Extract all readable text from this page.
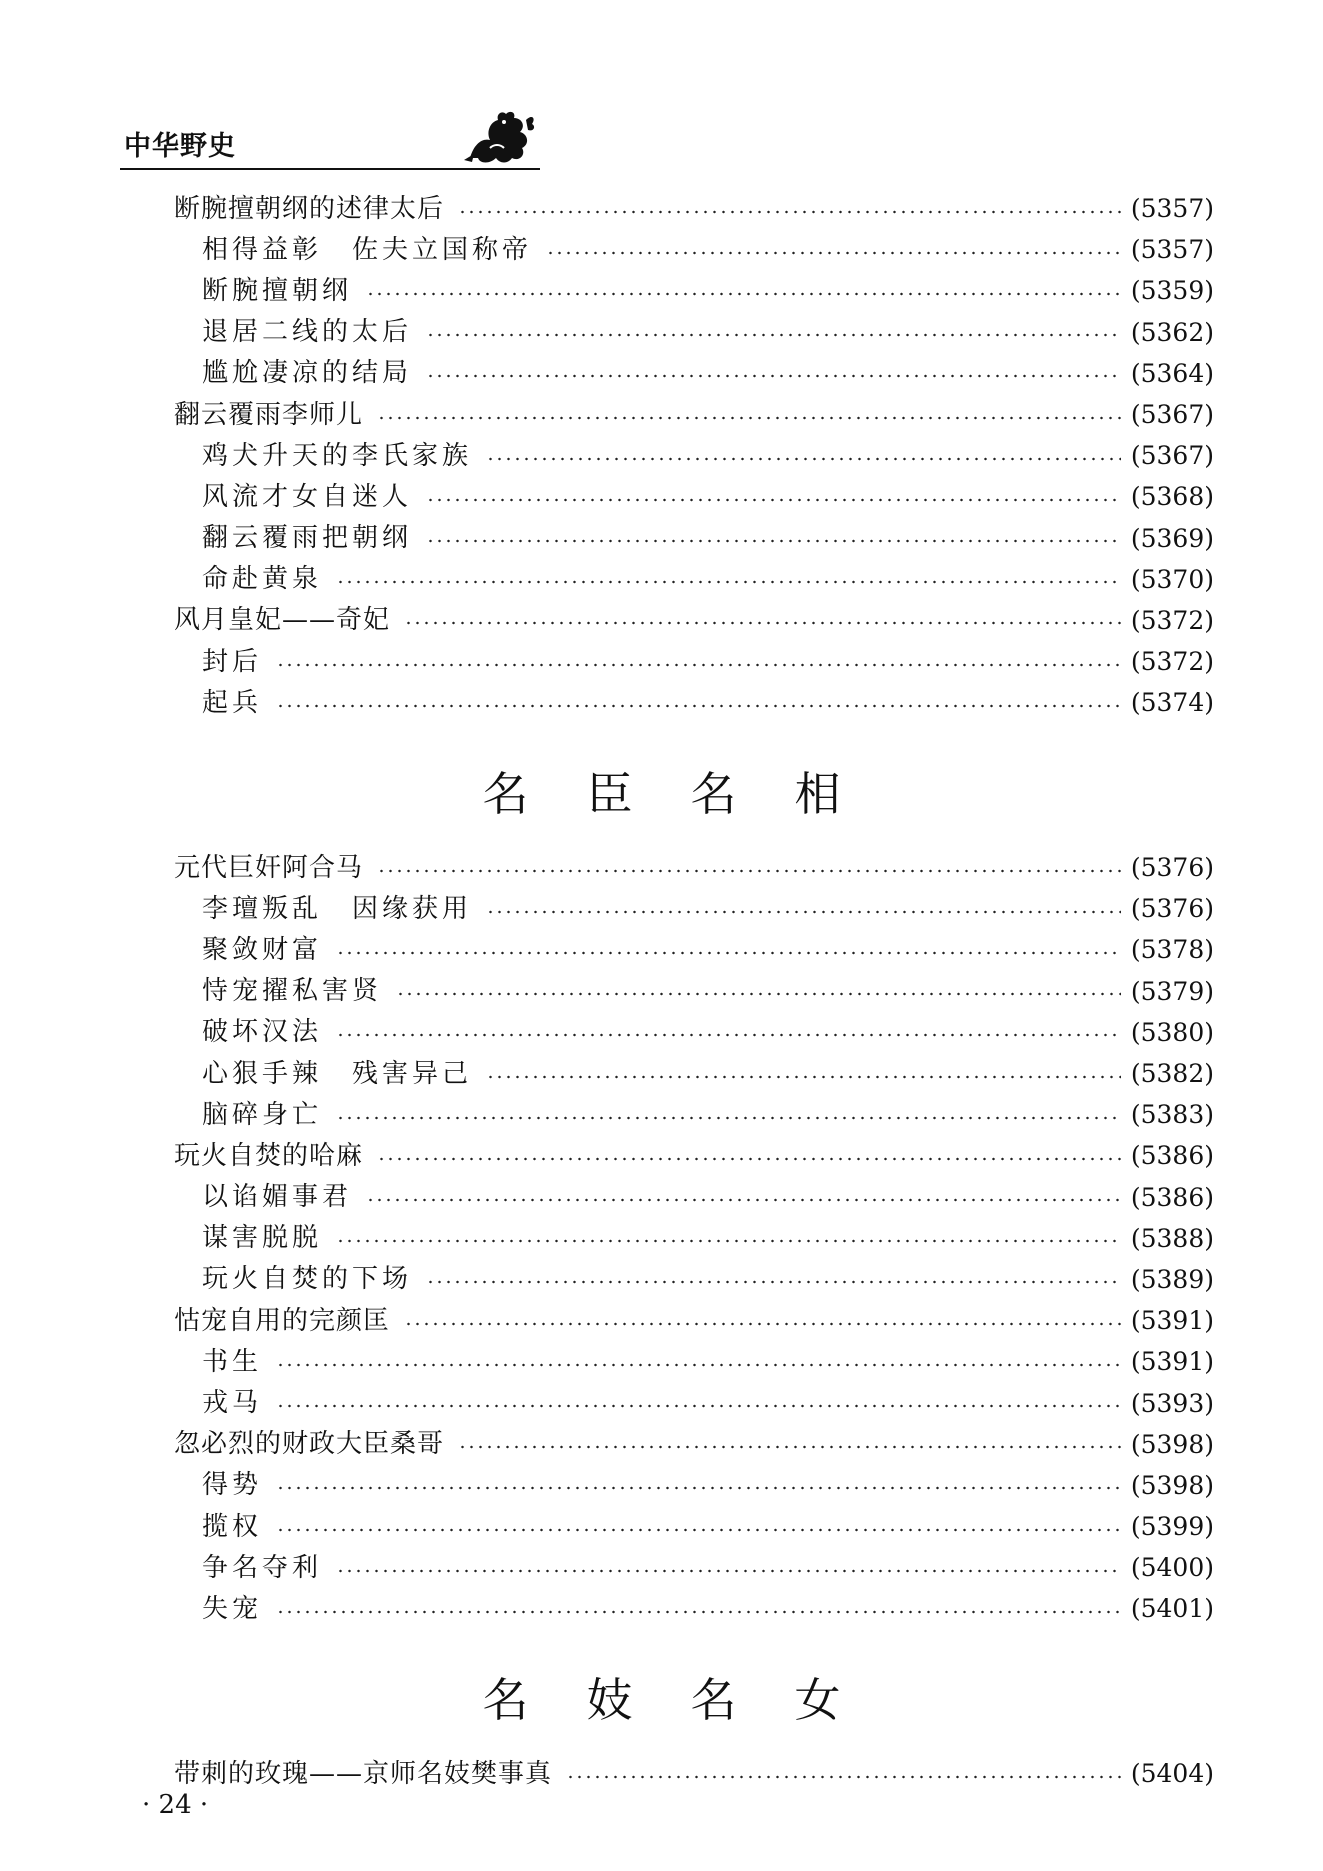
中华野史
断腕擅朝纲的述律太后	(5357)
相得益彰　佐夫立国称帝	(5357)
断腕擅朝纲	(5359)
退居二线的太后	(5362)
尴尬凄凉的结局	(5364)
翻云覆雨李师儿	(5367)
鸡犬升天的李氏家族	(5367)
风流才女自迷人	(5368)
翻云覆雨把朝纲	(5369)
命赴黄泉	(5370)
风月皇妃——奇妃	(5372)
封后	(5372)
起兵	(5374)
名臣名相
元代巨奸阿合马	(5376)
李璮叛乱　因缘获用	(5376)
聚敛财富	(5378)
恃宠擢私害贤	(5379)
破坏汉法	(5380)
心狠手辣　残害异己	(5382)
脑碎身亡	(5383)
玩火自焚的哈麻	(5386)
以谄媚事君	(5386)
谋害脱脱	(5388)
玩火自焚的下场	(5389)
怙宠自用的完颜匡	(5391)
书生	(5391)
戎马	(5393)
忽必烈的财政大臣桑哥	(5398)
得势	(5398)
揽权	(5399)
争名夺利	(5400)
失宠	(5401)
名妓名女
带刺的玫瑰——京师名妓樊事真	(5404)
· 24 ·
